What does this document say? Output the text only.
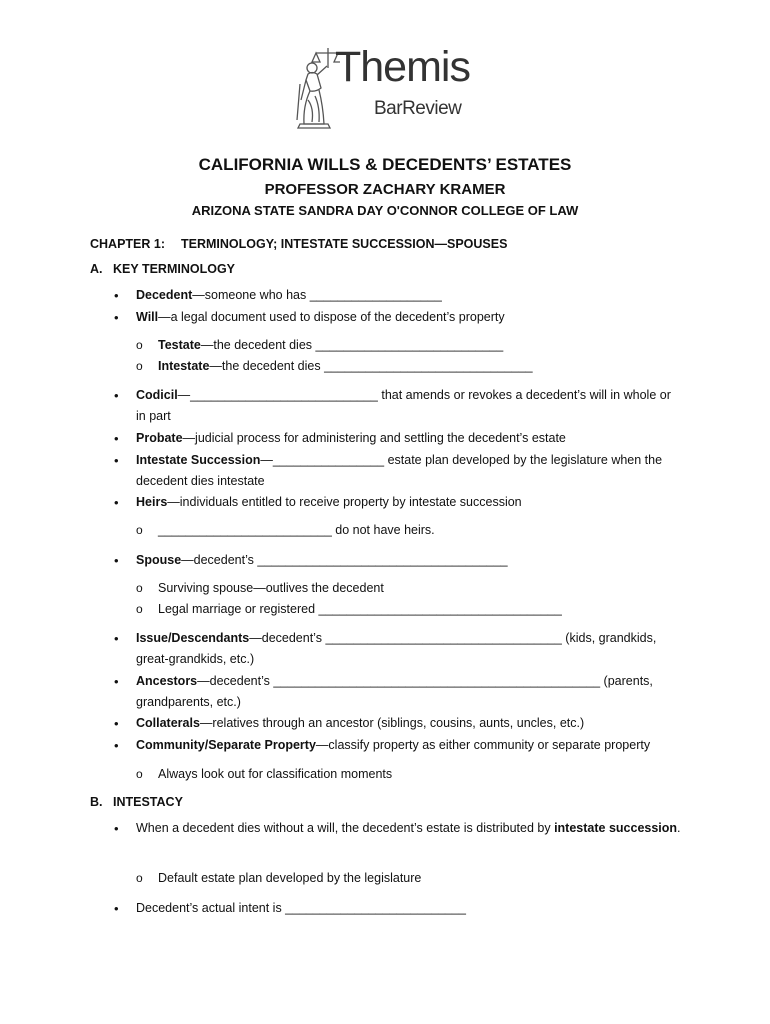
Themis
BarReview
CALIFORNIA WILLS & DECEDENTS’ ESTATES
PROFESSOR ZACHARY KRAMER
ARIZONA STATE SANDRA DAY O'CONNOR COLLEGE OF LAW
CHAPTER 1: TERMINOLOGY; INTESTATE SUCCESSION—SPOUSES
A. KEY TERMINOLOGY
• Decedent—someone who has ___________________
• Will—a legal document used to dispose of the decedent’s property
o Testate—the decedent dies ___________________________
o Intestate—the decedent dies ______________________________
• Codicil—___________________________ that amends or revokes a decedent’s will in whole or in part
• Probate—judicial process for administering and settling the decedent’s estate
• Intestate Succession—________________ estate plan developed by the legislature when the decedent dies intestate
• Heirs—individuals entitled to receive property by intestate succession
o _________________________ do not have heirs.
• Spouse—decedent’s ____________________________________
o Surviving spouse—outlives the decedent
o Legal marriage or registered ___________________________________
• Issue/Descendants—decedent’s __________________________________ (kids, grandkids, great-grandkids, etc.)
• Ancestors—decedent’s _______________________________________________ (parents, grandparents, etc.)
• Collaterals—relatives through an ancestor (siblings, cousins, aunts, uncles, etc.)
• Community/Separate Property—classify property as either community or separate property
o Always look out for classification moments
B. INTESTACY
• When a decedent dies without a will, the decedent’s estate is distributed by intestate succession.
o Default estate plan developed by the legislature
• Decedent’s actual intent is __________________________
